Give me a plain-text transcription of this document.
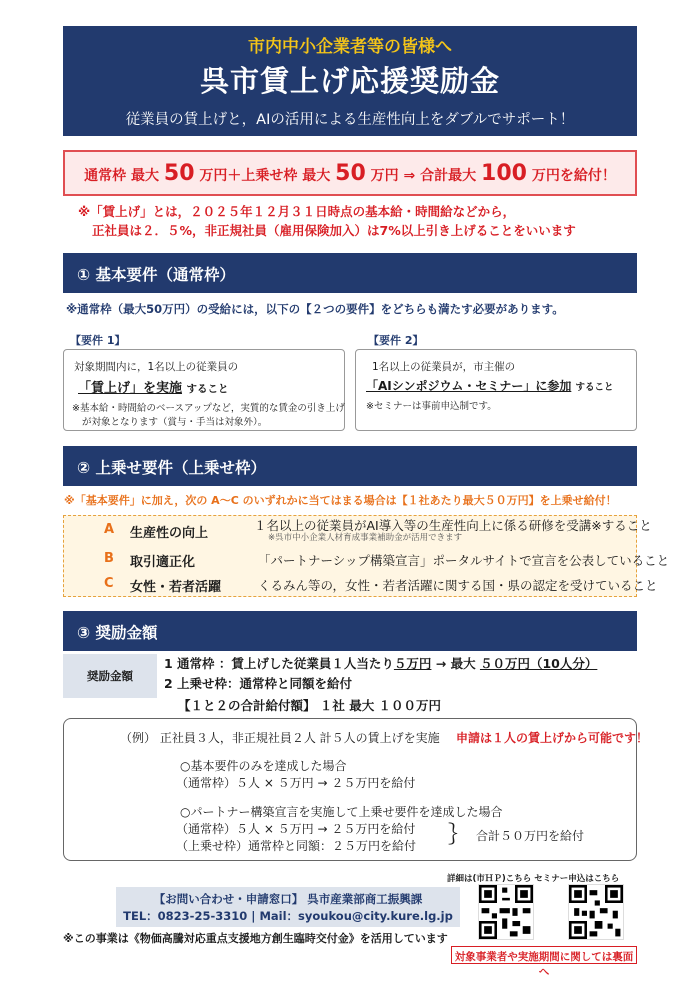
市内中小企業者等の皆様へ
呉市賃上げ応援奨励金
従業員の賃上げと，AIの活用による生産性向上をダブルでサポート！
通常枠 最大 50 万円＋上乗せ枠 最大 50 万円 ⇒ 合計最大 100 万円を給付！
※「賃上げ」とは，２０２５年１２月３１日時点の基本給・時間給などから，
正社員は２．５%，非正規社員（雇用保険加入）は7%以上引き上げることをいいます
① 基本要件（通常枠）
※通常枠（最大50万円）の受給には，以下の【２つの要件】をどちらも満たす必要があります。
【要件 1】
対象期間内に，1名以上の従業員の
「賃上げ」を実施 すること
※基本給・時間給のベースアップなど，実質的な賃金の引き上げ
が対象となります（賞与・手当は対象外）。
【要件 2】
1名以上の従業員が，市主催の
「AIシンポジウム・セミナー」に参加 すること
※セミナーは事前申込制です。
② 上乗せ要件（上乗せ枠）
※「基本要件」に加え，次の A～C のいずれかに当てはまる場合は【１社あたり最大５０万円】を上乗せ給付！
A 生産性の向上
１名以上の従業員がAI導入等の生産性向上に係る研修を受講※すること
※呉市中小企業人材育成事業補助金が活用できます
B 取引適正化	「パートナーシップ構築宣言」ポータルサイトで宣言を公表していること
C 女性・若者活躍	くるみん等の，女性・若者活躍に関する国・県の認定を受けていること
③ 奨励金額
奨励金額
1 通常枠 ：賃上げした従業員１人当たり５万円 → 最大 ５０万円（10人分）
2 上乗せ枠：通常枠と同額を給付
【１と２の合計給付額】 １社 最大 １００万円
（例） 正社員３人，非正規社員２人 計５人の賃上げを実施 申請は１人の賃上げから可能です！
○基本要件のみを達成した場合
（通常枠）５人 × ５万円 → ２５万円を給付
○パートナー構築宣言を実施して上乗せ要件を達成した場合
（通常枠）５人 × ５万円 → ２５万円を給付
（上乗せ枠）通常枠と同額：２５万円を給付 ｝ 合計５０万円を給付
詳細は(市ＨＰ)こちら セミナー申込はこちら
【お問い合わせ・申請窓口】 呉市産業部商工振興課
TEL：0823-25-3310 | Mail：syoukou@city.kure.lg.jp
※この事業は《物価高騰対応重点支援地方創生臨時交付金》を活用しています
対象事業者や実施期間に関しては裏面へ
